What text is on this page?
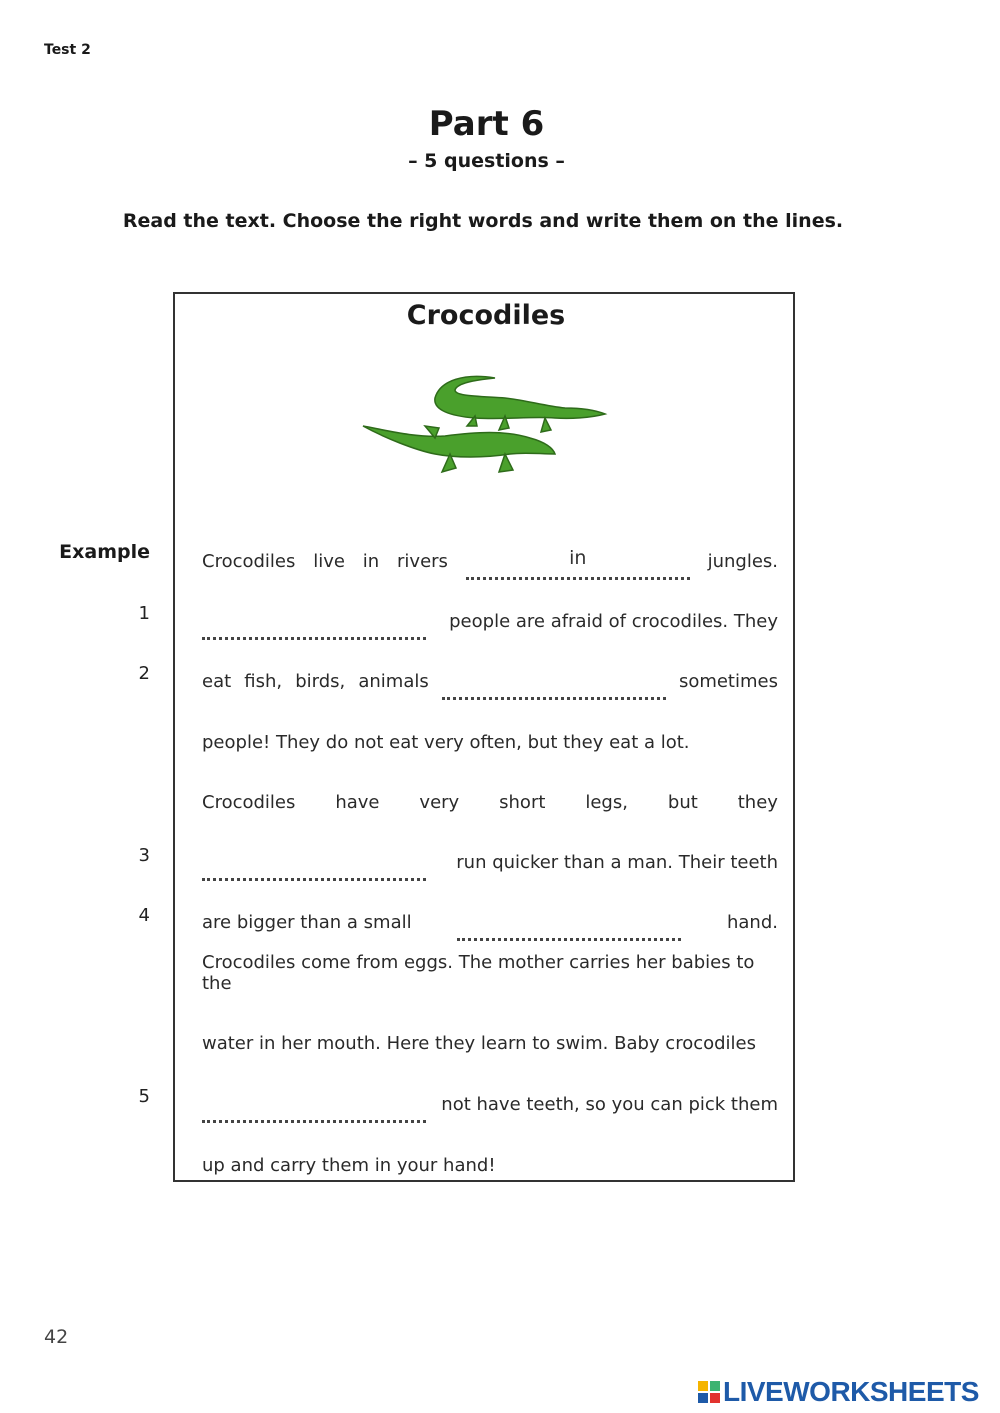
Test 2
Part 6
– 5 questions –
Read the text. Choose the right words and write them on the lines.
Crocodiles
Example	Crocodiles live in rivers	in	jungles.
people are afraid of crocodiles. They
1
eat fish, birds, animals	sometimes
2
people! They do not eat very often, but they eat a lot.
Crocodiles have very short legs, but they
run quicker than a man. Their teeth
3
are bigger than a small	hand.
4
Crocodiles come from eggs. The mother carries her babies to the
water in her mouth. Here they learn to swim. Baby crocodiles
not have teeth, so you can pick them
5
up and carry them in your hand!
42
LIVEWORKSHEETS
